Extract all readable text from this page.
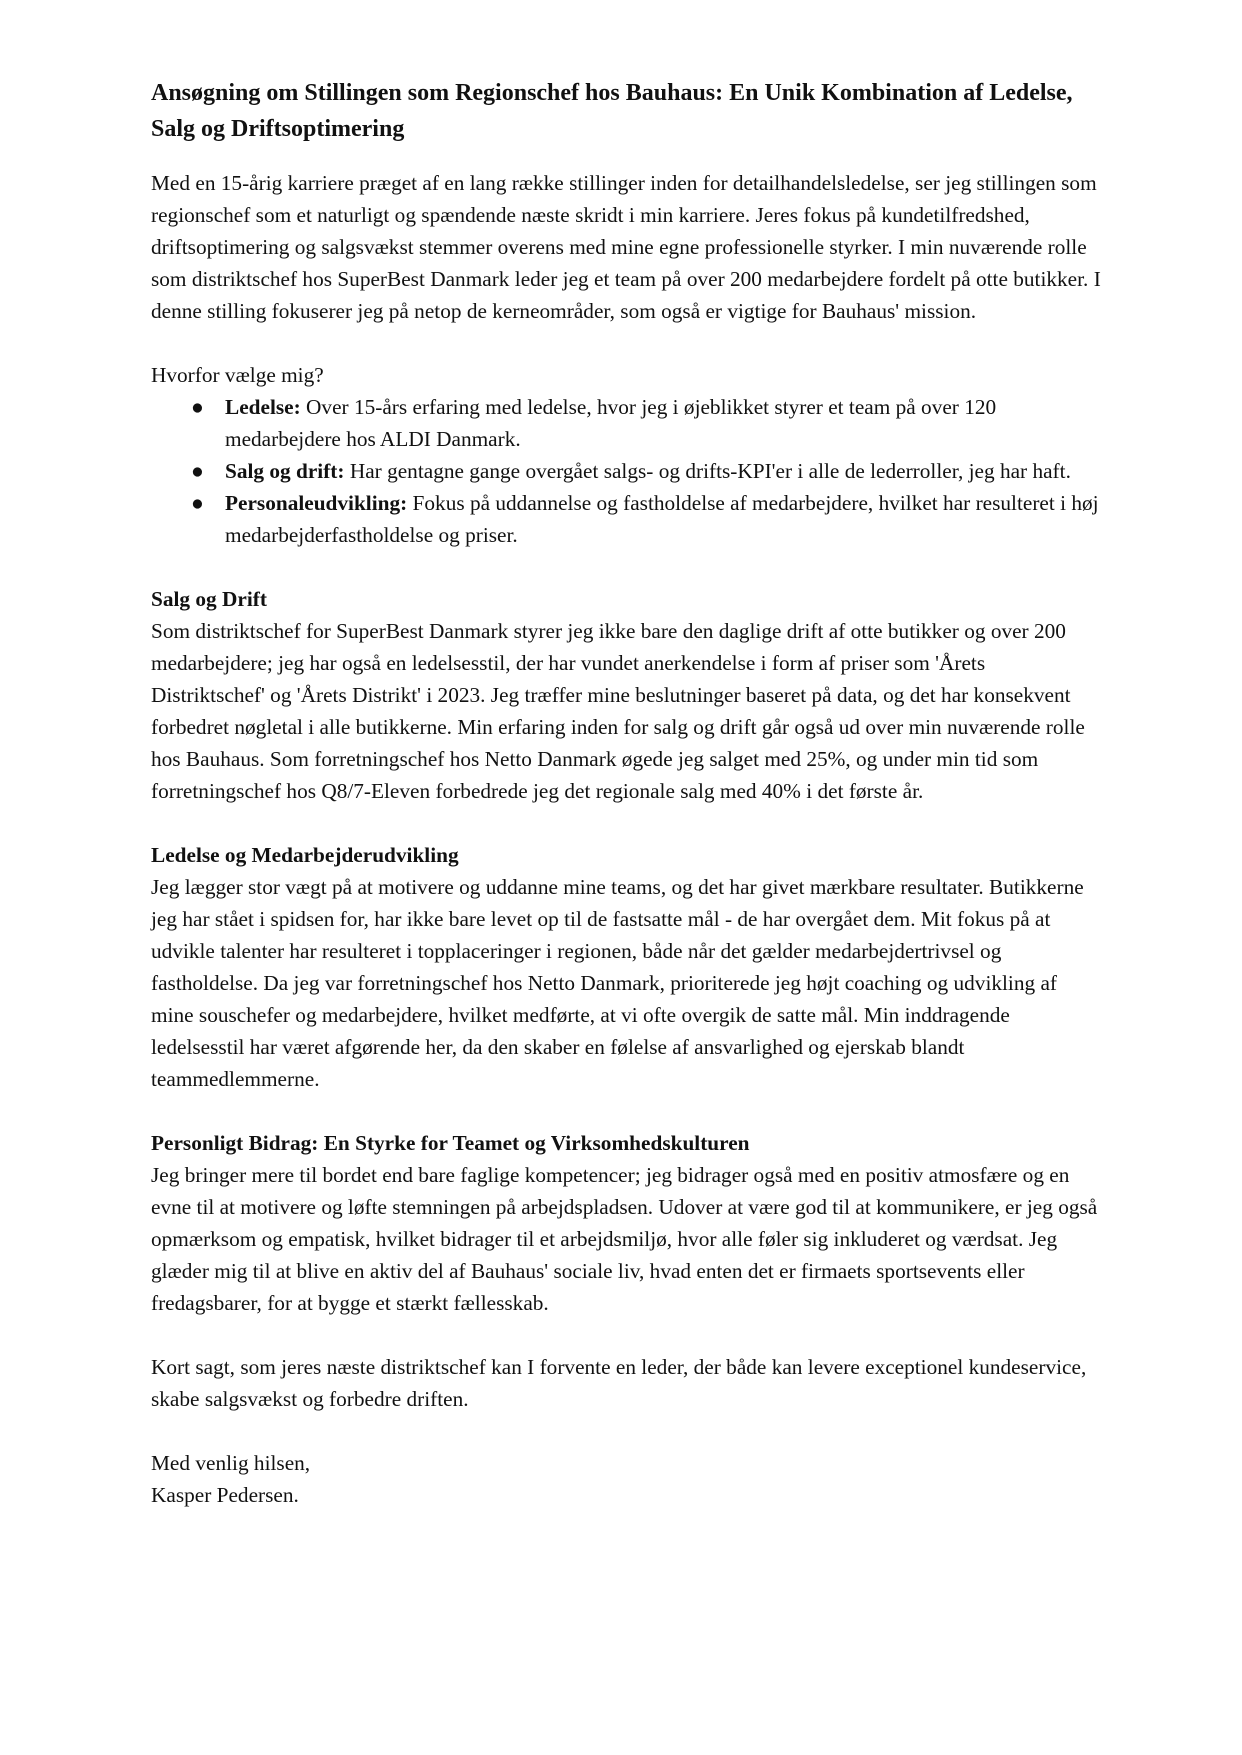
Ansøgning om Stillingen som Regionschef hos Bauhaus: En Unik Kombination af Ledelse, Salg og Driftsoptimering

Med en 15-årig karriere præget af en lang række stillinger inden for detailhandelsledelse, ser jeg stillingen som regionschef som et naturligt og spændende næste skridt i min karriere. Jeres fokus på kundetilfredshed, driftsoptimering og salgsvækst stemmer overens med mine egne professionelle styrker. I min nuværende rolle som distriktschef hos SuperBest Danmark leder jeg et team på over 200 medarbejdere fordelt på otte butikker. I denne stilling fokuserer jeg på netop de kerneområder, som også er vigtige for Bauhaus' mission.

Hvorfor vælge mig?

● Ledelse: Over 15-års erfaring med ledelse, hvor jeg i øjeblikket styrer et team på over 120 medarbejdere hos ALDI Danmark.
● Salg og drift: Har gentagne gange overgået salgs- og drifts-KPI'er i alle de lederroller, jeg har haft.
● Personaleudvikling: Fokus på uddannelse og fastholdelse af medarbejdere, hvilket har resulteret i høj medarbejderfastholdelse og priser.

Salg og Drift

Som distriktschef for SuperBest Danmark styrer jeg ikke bare den daglige drift af otte butikker og over 200 medarbejdere; jeg har også en ledelsesstil, der har vundet anerkendelse i form af priser som 'Årets Distriktschef' og 'Årets Distrikt' i 2023. Jeg træffer mine beslutninger baseret på data, og det har konsekvent forbedret nøgletal i alle butikkerne. Min erfaring inden for salg og drift går også ud over min nuværende rolle hos Bauhaus. Som forretningschef hos Netto Danmark øgede jeg salget med 25%, og under min tid som forretningschef hos Q8/7-Eleven forbedrede jeg det regionale salg med 40% i det første år.

Ledelse og Medarbejderudvikling

Jeg lægger stor vægt på at motivere og uddanne mine teams, og det har givet mærkbare resultater. Butikkerne jeg har stået i spidsen for, har ikke bare levet op til de fastsatte mål - de har overgået dem. Mit fokus på at udvikle talenter har resulteret i topplaceringer i regionen, både når det gælder medarbejdertrivsel og fastholdelse. Da jeg var forretningschef hos Netto Danmark, prioriterede jeg højt coaching og udvikling af mine souschefer og medarbejdere, hvilket medførte, at vi ofte overgik de satte mål. Min inddragende ledelsesstil har været afgørende her, da den skaber en følelse af ansvarlighed og ejerskab blandt teammedlemmerne.

Personligt Bidrag: En Styrke for Teamet og Virksomhedskulturen

Jeg bringer mere til bordet end bare faglige kompetencer; jeg bidrager også med en positiv atmosfære og en evne til at motivere og løfte stemningen på arbejdspladsen. Udover at være god til at kommunikere, er jeg også opmærksom og empatisk, hvilket bidrager til et arbejdsmiljø, hvor alle føler sig inkluderet og værdsat. Jeg glæder mig til at blive en aktiv del af Bauhaus' sociale liv, hvad enten det er firmaets sportsevents eller fredagsbarer, for at bygge et stærkt fællesskab.

Kort sagt, som jeres næste distriktschef kan I forvente en leder, der både kan levere exceptionel kundeservice, skabe salgsvækst og forbedre driften.

Med venlig hilsen,

Kasper Pedersen.
